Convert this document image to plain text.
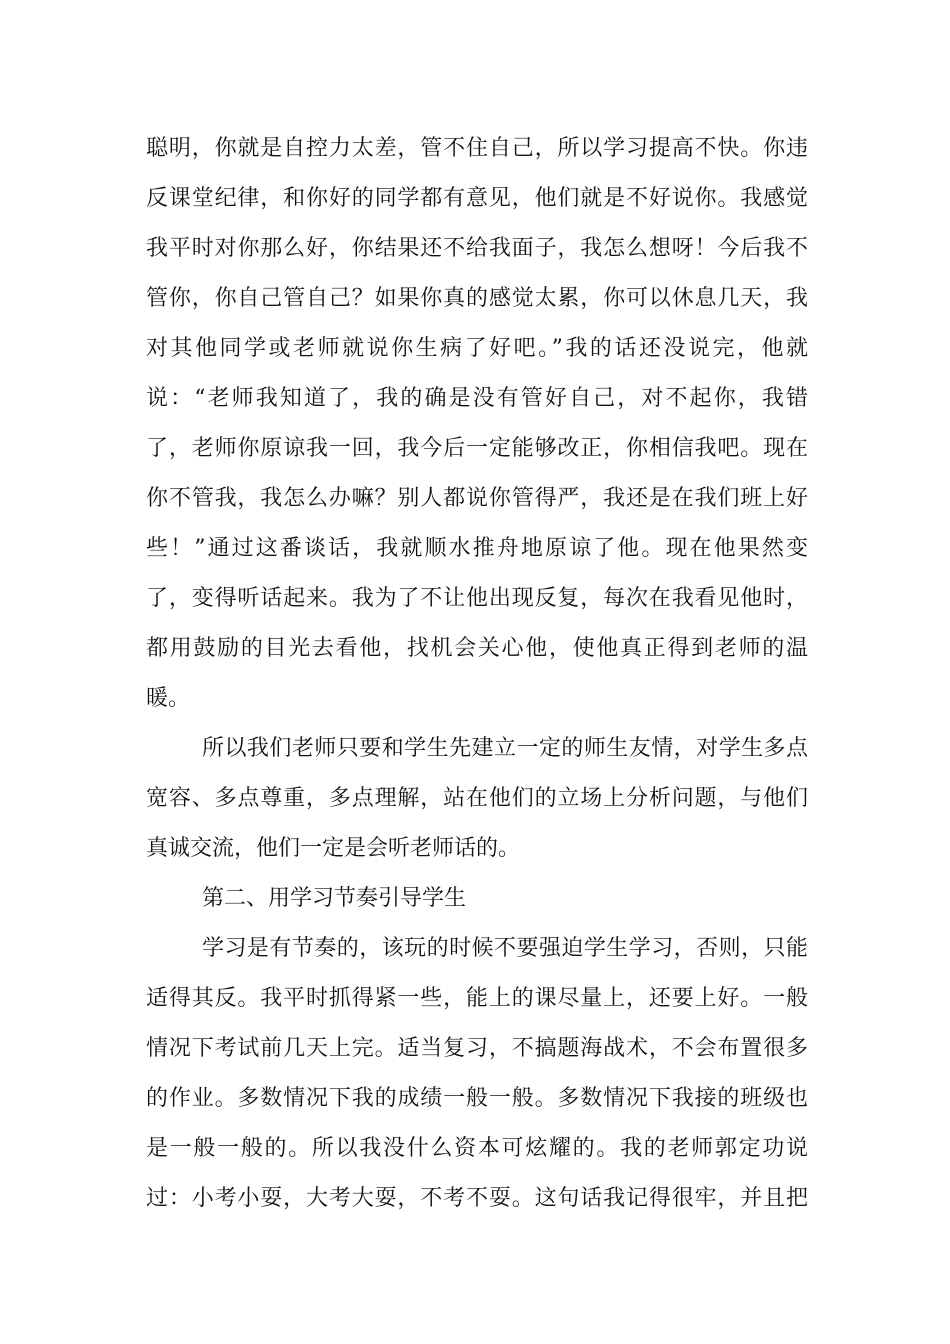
聪明，你就是自控力太差，管不住自己，所以学习提高不快。你违
反课堂纪律，和你好的同学都有意见，他们就是不好说你。我感觉
我平时对你那么好，你结果还不给我面子，我怎么想呀！今后我不
管你，你自己管自己？如果你真的感觉太累，你可以休息几天，我
对其他同学或老师就说你生病了好吧。”我的话还没说完，他就
说：“老师我知道了，我的确是没有管好自己，对不起你，我错
了，老师你原谅我一回，我今后一定能够改正，你相信我吧。现在
你不管我，我怎么办嘛？别人都说你管得严，我还是在我们班上好
些！”通过这番谈话，我就顺水推舟地原谅了他。现在他果然变
了，变得听话起来。我为了不让他出现反复，每次在我看见他时，
都用鼓励的目光去看他，找机会关心他，使他真正得到老师的温
暖。
所以我们老师只要和学生先建立一定的师生友情，对学生多点
宽容、多点尊重，多点理解，站在他们的立场上分析问题，与他们
真诚交流，他们一定是会听老师话的。
第二、用学习节奏引导学生
学习是有节奏的，该玩的时候不要强迫学生学习，否则，只能
适得其反。我平时抓得紧一些，能上的课尽量上，还要上好。一般
情况下考试前几天上完。适当复习，不搞题海战术，不会布置很多
的作业。多数情况下我的成绩一般一般。多数情况下我接的班级也
是一般一般的。所以我没什么资本可炫耀的。我的老师郭定功说
过：小考小耍，大考大耍，不考不耍。这句话我记得很牢，并且把
